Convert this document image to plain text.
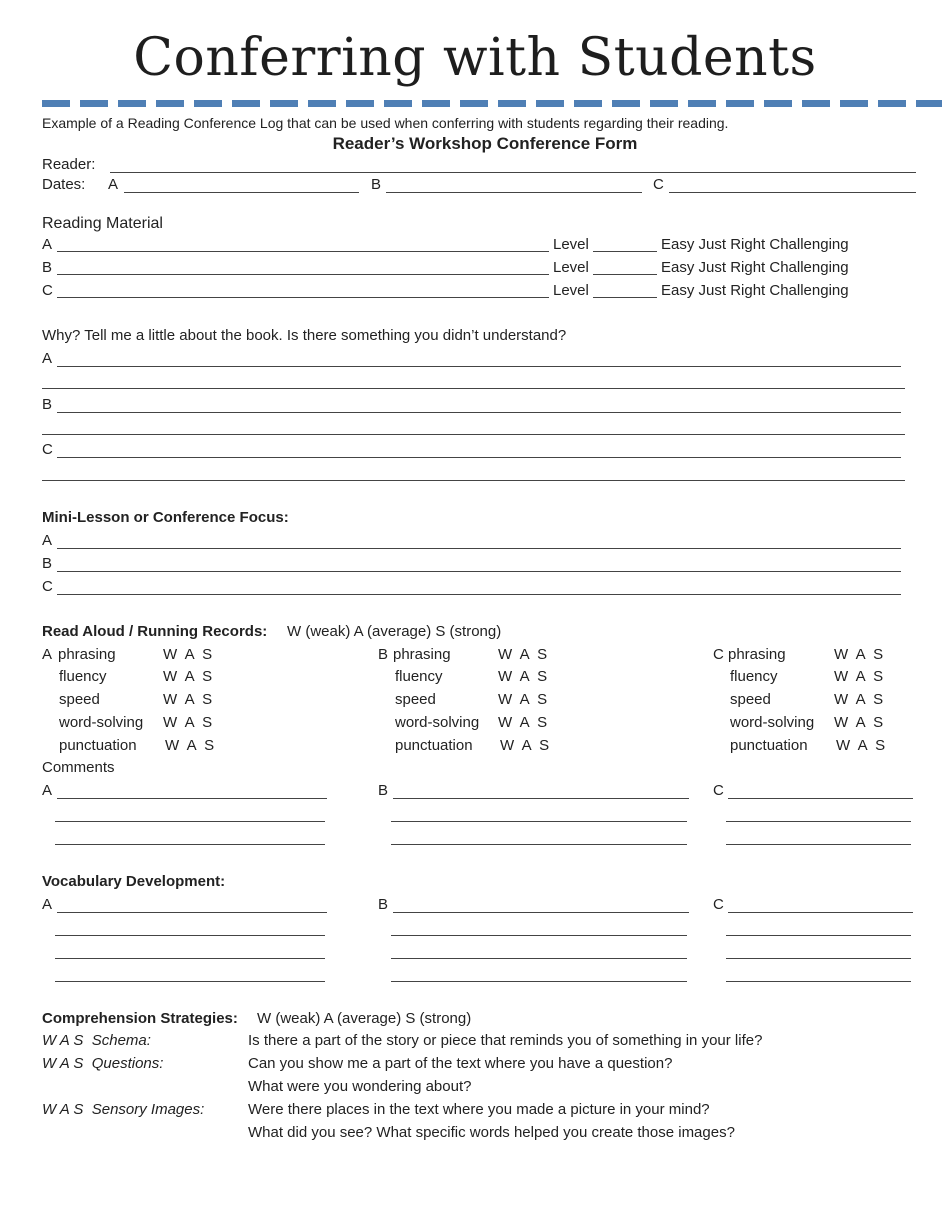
Conferring with Students
Example of a Reading Conference Log that can be used when conferring with students regarding their reading.
Reader’s Workshop Conference Form
Reader:
Dates: A	B	C
Reading Material
A	Level	Easy Just Right Challenging
B	Level	Easy Just Right Challenging
C	Level	Easy Just Right Challenging
Why? Tell me a little about the book. Is there something you didn’t understand?
A
B
C
Mini-Lesson or Conference Focus:
A
B
C
Read Aloud / Running Records: W (weak) A (average) S (strong)
A phrasing	W  A  S
fluency	W  A  S
speed	W  A  S
word-solving W  A  S
punctuation W  A  S
B phrasing	W  A  S
fluency	W  A  S
speed	W  A  S
word-solving W  A  S
punctuation W  A  S
C phrasing	W  A  S
fluency	W  A  S
speed	W  A  S
word-solving W  A  S
punctuation W  A  S
Comments
A	B	C
Vocabulary Development:
A	B	C
Comprehension Strategies: W (weak) A (average) S (strong)
W A S  Schema:	Is there a part of the story or piece that reminds you of something in your life?
W A S  Questions:	Can you show me a part of the text where you have a question?
What were you wondering about?
W A S  Sensory Images:	Were there places in the text where you made a picture in your mind?
What did you see? What specific words helped you create those images?
